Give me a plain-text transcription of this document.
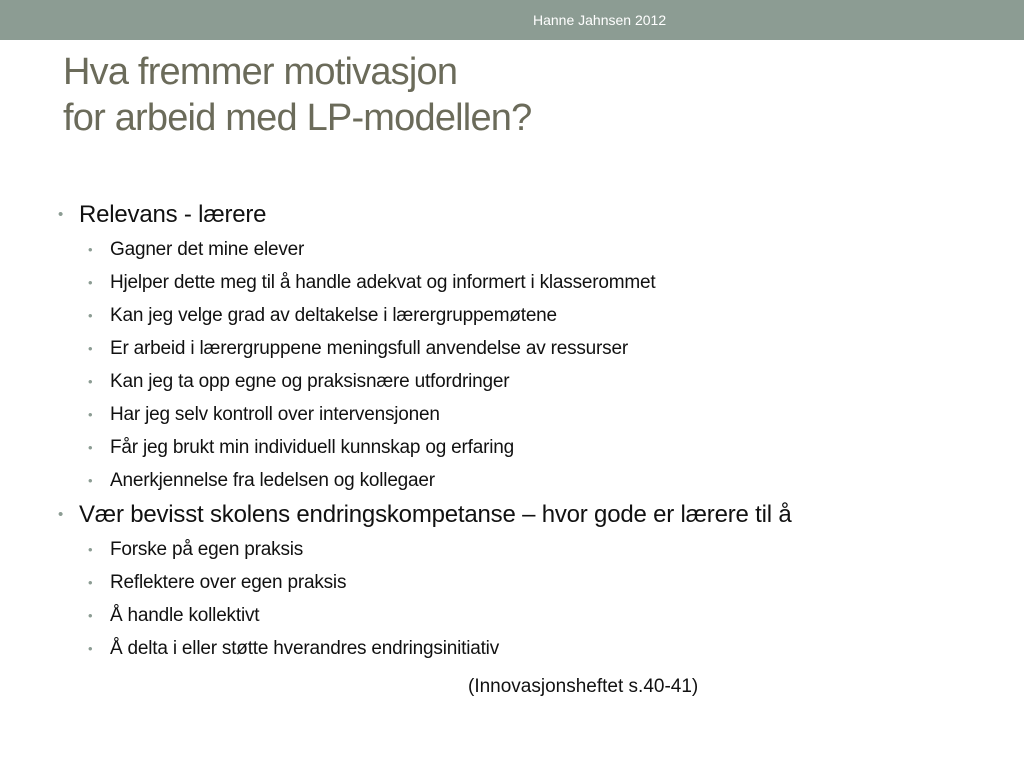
Hanne Jahnsen 2012
Hva fremmer motivasjon
for arbeid med LP-modellen?
• Relevans - lærere
• Gagner det mine elever
• Hjelper dette meg til å handle adekvat og informert i klasserommet
• Kan jeg velge grad av deltakelse i lærergruppemøtene
• Er arbeid i lærergruppene meningsfull anvendelse av ressurser
• Kan jeg ta opp egne og praksisnære utfordringer
• Har jeg selv kontroll over intervensjonen
• Får jeg brukt min individuell kunnskap og erfaring
• Anerkjennelse fra ledelsen og kollegaer
• Vær bevisst skolens endringskompetanse – hvor gode er lærere til å
• Forske på egen praksis
• Reflektere over egen praksis
• Å handle kollektivt
• Å delta i eller støtte hverandres endringsinitiativ
(Innovasjonsheftet s.40-41)
